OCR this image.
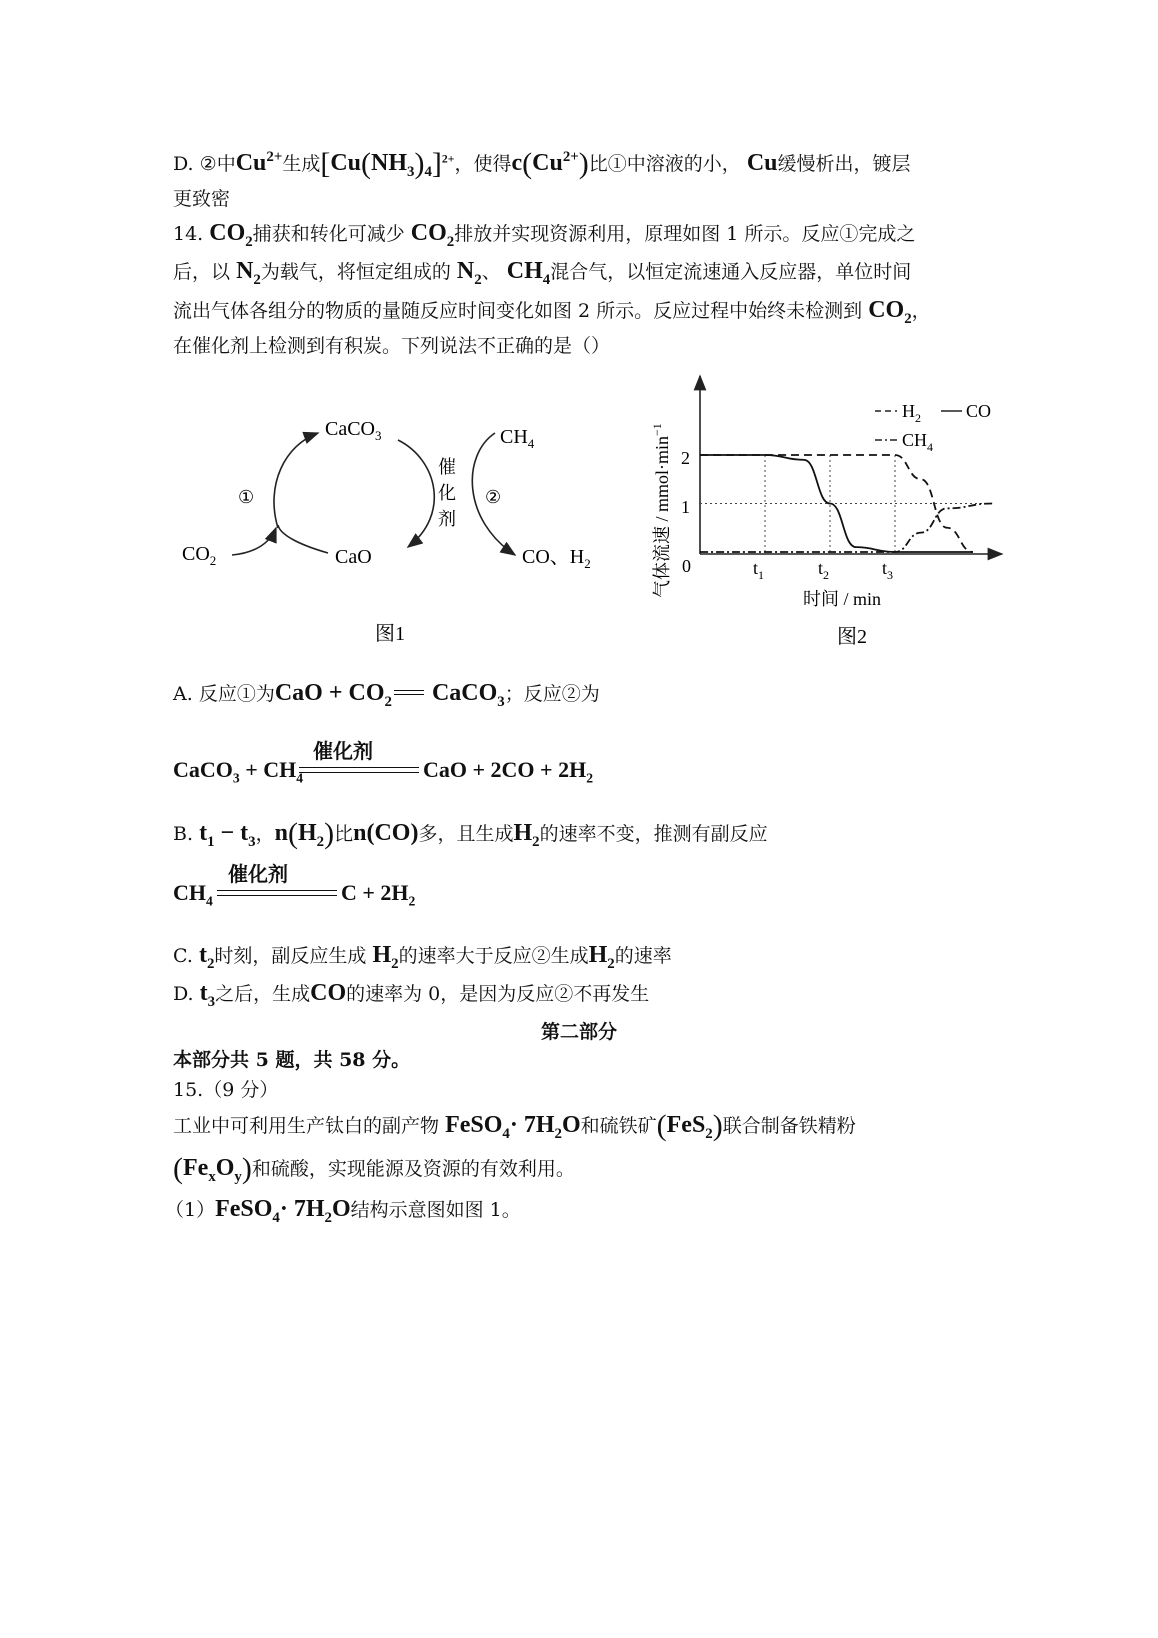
D. ②中$Cu^{2+}$生成$[Cu(NH_3)_4]^{2+}$，使得$c(Cu^{2+})$比①中溶液的小， Cu缓慢析出，镀层
更致密
14. $CO_2$捕获和转化可减少 $CO_2$排放并实现资源利用，原理如图 1 所示。反应①完成之
后，以 $N_2$为载气，将恒定组成的 $N_2$、 $CH_4$混合气，以恒定流速通入反应器，单位时间
流出气体各组分的物质的量随反应时间变化如图 2 所示。反应过程中始终未检测到 $CO_2$，
在催化剂上检测到有积炭。下列说法不正确的是（）
CaCO$_3$	$CH_4$
$CO_2$	CaO	CO、$H_2$
①	②
催
化
剂
图1
气体流速 / $mmol\cdot\min^{-1}$
时间 / min
2
1
0	$t_1$	$t_2$	$t_3$
$H_2$	CO
$CH_4$
图2
A. 反应①为CaO + $CO_2$ CaCO$_3$；反应②为
催化剂
CaCO$_3$ + $CH_4$	CaO + $2CO + 2H_2$
B. $t_1 - t_3$，$n(H_2)$比n(CO)多，且生成$H_2$的速率不变，推测有副反应
催化剂
$CH_4$	$C + 2H_2$
C. $t_2$时刻，副反应生成 $H_2$的速率大于反应②生成$H_2$的速率
D. $t_3$之后，生成CO的速率为 0，是因为反应②不再发生
第二部分
本部分共 5 题，共 58 分。
15.（9 分）
工业中可利用生产钛白的副产物 FeSO$_4$· $7H_2O$和硫铁矿(FeS$_2$)联合制备铁精粉
$(Fe_xO_y)$和硫酸，实现能源及资源的有效利用。
（1）FeSO$_4$· $7H_2O$结构示意图如图 1。
